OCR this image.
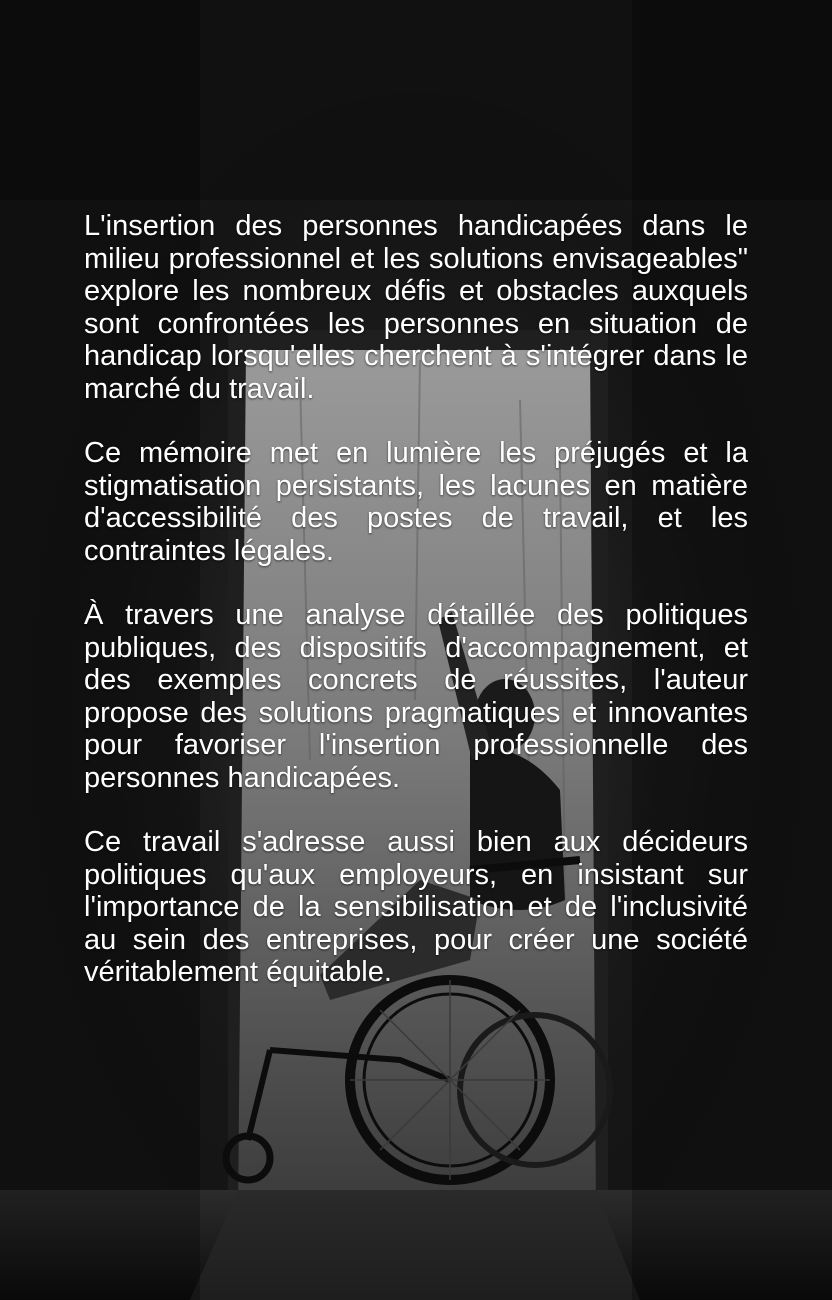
L'insertion des personnes handicapées dans le milieu professionnel et les solutions envisageables" explore les nombreux défis et obstacles auxquels sont confrontées les personnes en situation de handicap lorsqu'elles cherchent à s'intégrer dans le marché du travail.

Ce mémoire met en lumière les préjugés et la stigmatisation persistants, les lacunes en matière d'accessibilité des postes de travail, et les contraintes légales.

À travers une analyse détaillée des politiques publiques, des dispositifs d'accompagnement, et des exemples concrets de réussites, l'auteur propose des solutions pragmatiques et innovantes pour favoriser l'insertion professionnelle des personnes handicapées.

Ce travail s'adresse aussi bien aux décideurs politiques qu'aux employeurs, en insistant sur l'importance de la sensibilisation et de l'inclusivité au sein des entreprises, pour créer une société véritablement équitable.
